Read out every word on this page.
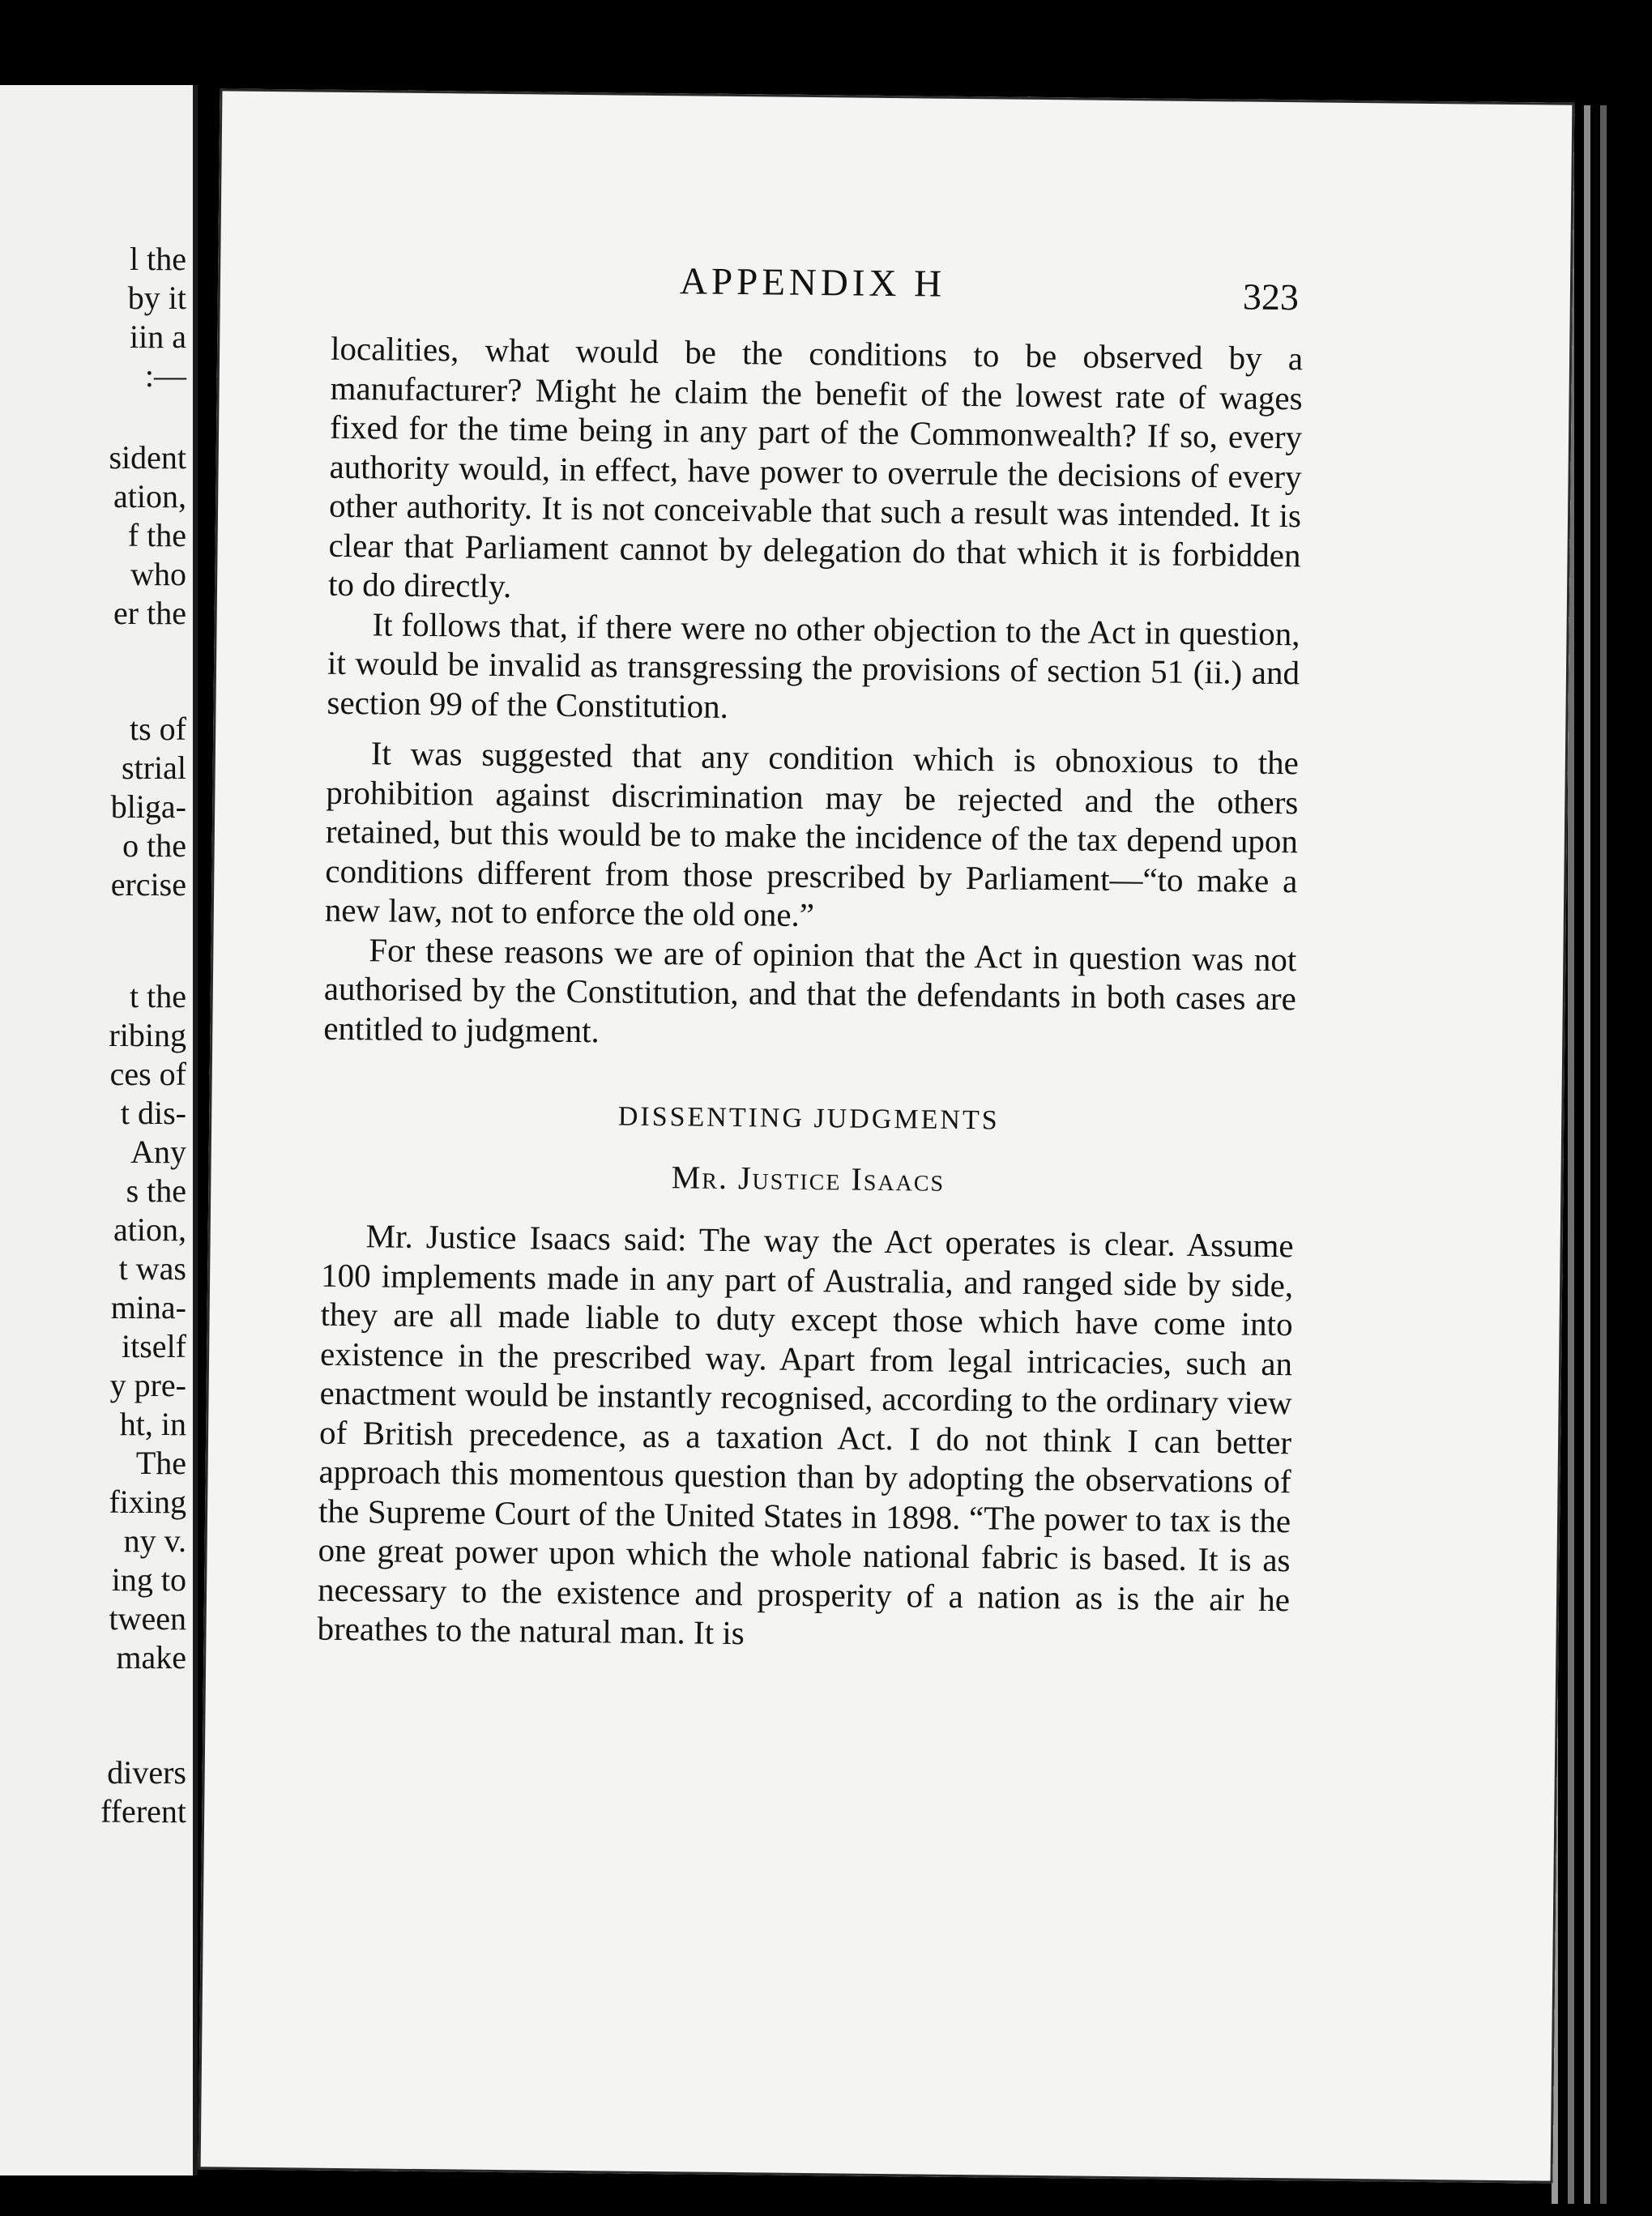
l the
by it
iin a
:—
sident
ation,
f the
who
er the
ts of
strial
bliga-
o the
ercise
t the
ribing
ces of
t dis-
Any
s the
ation,
t was
mina-
itself
y pre-
ht, in
The
fixing
ny v.
ing to
tween
make
divers
fferent
APPENDIX H	323

localities, what would be the conditions to be observed by a manufacturer? Might he claim the benefit of the lowest rate of wages fixed for the time being in any part of the Commonwealth? If so, every authority would, in effect, have power to overrule the decisions of every other authority. It is not conceivable that such a result was intended. It is clear that Parliament cannot by delegation do that which it is forbidden to do directly.

It follows that, if there were no other objection to the Act in question, it would be invalid as transgressing the provisions of section 51 (ii.) and section 99 of the Constitution.

It was suggested that any condition which is obnoxious to the prohibition against discrimination may be rejected and the others retained, but this would be to make the incidence of the tax depend upon conditions different from those prescribed by Parliament—“to make a new law, not to enforce the old one.”

For these reasons we are of opinion that the Act in question was not authorised by the Constitution, and that the defendants in both cases are entitled to judgment.

DISSENTING JUDGMENTS

Mr. Justice Isaacs

Mr. Justice Isaacs said: The way the Act operates is clear. Assume 100 implements made in any part of Australia, and ranged side by side, they are all made liable to duty except those which have come into existence in the prescribed way. Apart from legal intricacies, such an enactment would be instantly recognised, according to the ordinary view of British precedence, as a taxation Act. I do not think I can better approach this momentous question than by adopting the observations of the Supreme Court of the United States in 1898. “The power to tax is the one great power upon which the whole national fabric is based. It is as necessary to the existence and prosperity of a nation as is the air he breathes to the natural man. It is
